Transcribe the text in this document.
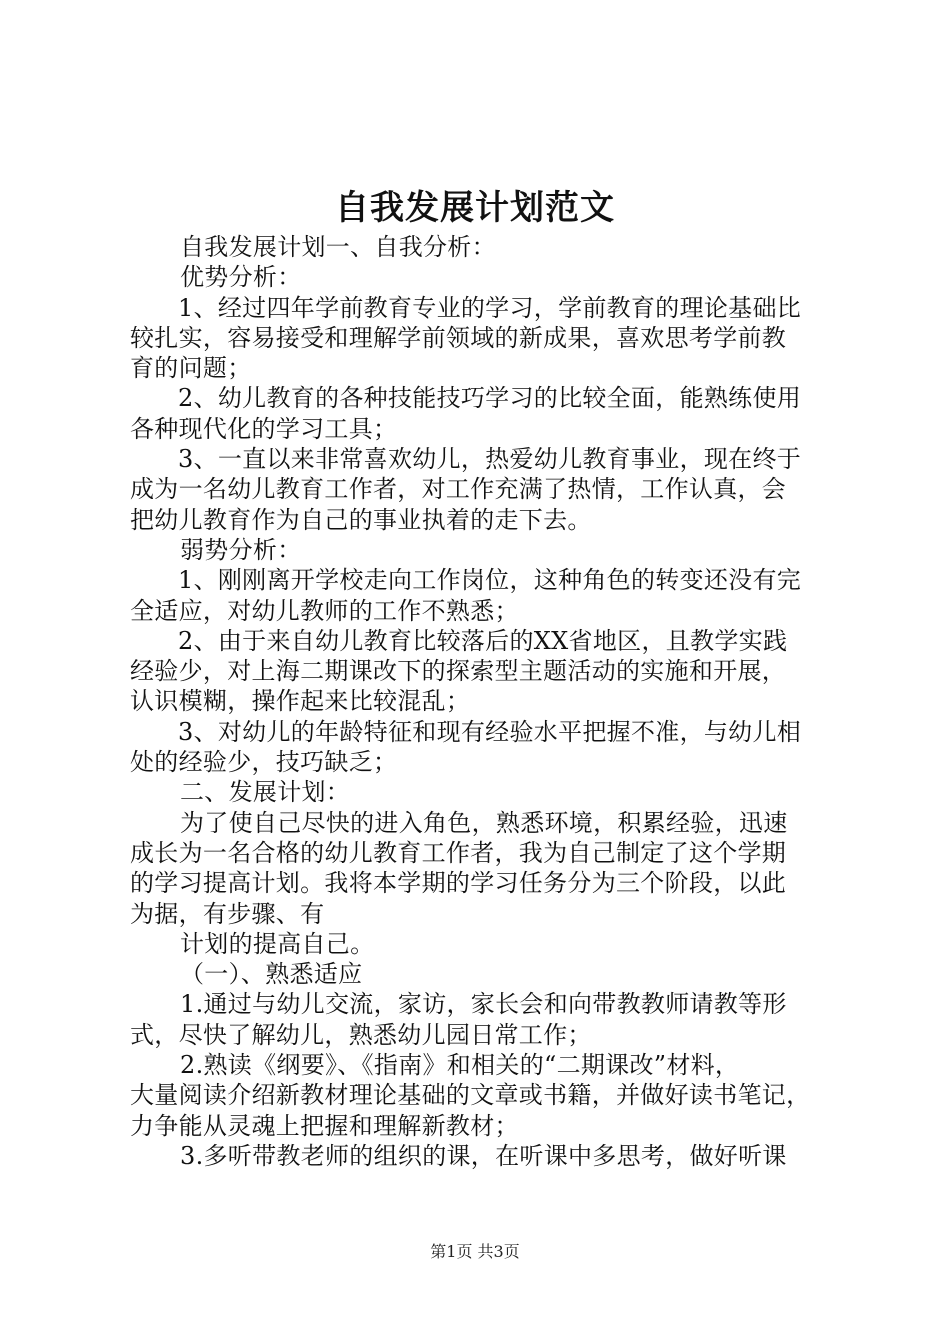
自我发展计划范文
自我发展计划一、自我分析：
优势分析：
1、经过四年学前教育专业的学习，学前教育的理论基础比
较扎实，容易接受和理解学前领域的新成果，喜欢思考学前教
育的问题；
2、幼儿教育的各种技能技巧学习的比较全面，能熟练使用
各种现代化的学习工具；
3、一直以来非常喜欢幼儿，热爱幼儿教育事业，现在终于
成为一名幼儿教育工作者，对工作充满了热情，工作认真，会
把幼儿教育作为自己的事业执着的走下去。
弱势分析：
1、刚刚离开学校走向工作岗位，这种角色的转变还没有完
全适应，对幼儿教师的工作不熟悉；
2、由于来自幼儿教育比较落后的XX省地区，且教学实践
经验少，对上海二期课改下的探索型主题活动的实施和开展，
认识模糊，操作起来比较混乱；
3、对幼儿的年龄特征和现有经验水平把握不准，与幼儿相
处的经验少，技巧缺乏；
二、发展计划：
为了使自己尽快的进入角色，熟悉环境，积累经验，迅速
成长为一名合格的幼儿教育工作者，我为自己制定了这个学期
的学习提高计划。我将本学期的学习任务分为三个阶段，以此
为据，有步骤、有
计划的提高自己。
（一）、熟悉适应
1.通过与幼儿交流，家访，家长会和向带教教师请教等形
式，尽快了解幼儿，熟悉幼儿园日常工作；
2.熟读《纲要》、《指南》和相关的“二期课改”材料，
大量阅读介绍新教材理论基础的文章或书籍，并做好读书笔记，
力争能从灵魂上把握和理解新教材；
3.多听带教老师的组织的课，在听课中多思考，做好听课
第1页 共3页
